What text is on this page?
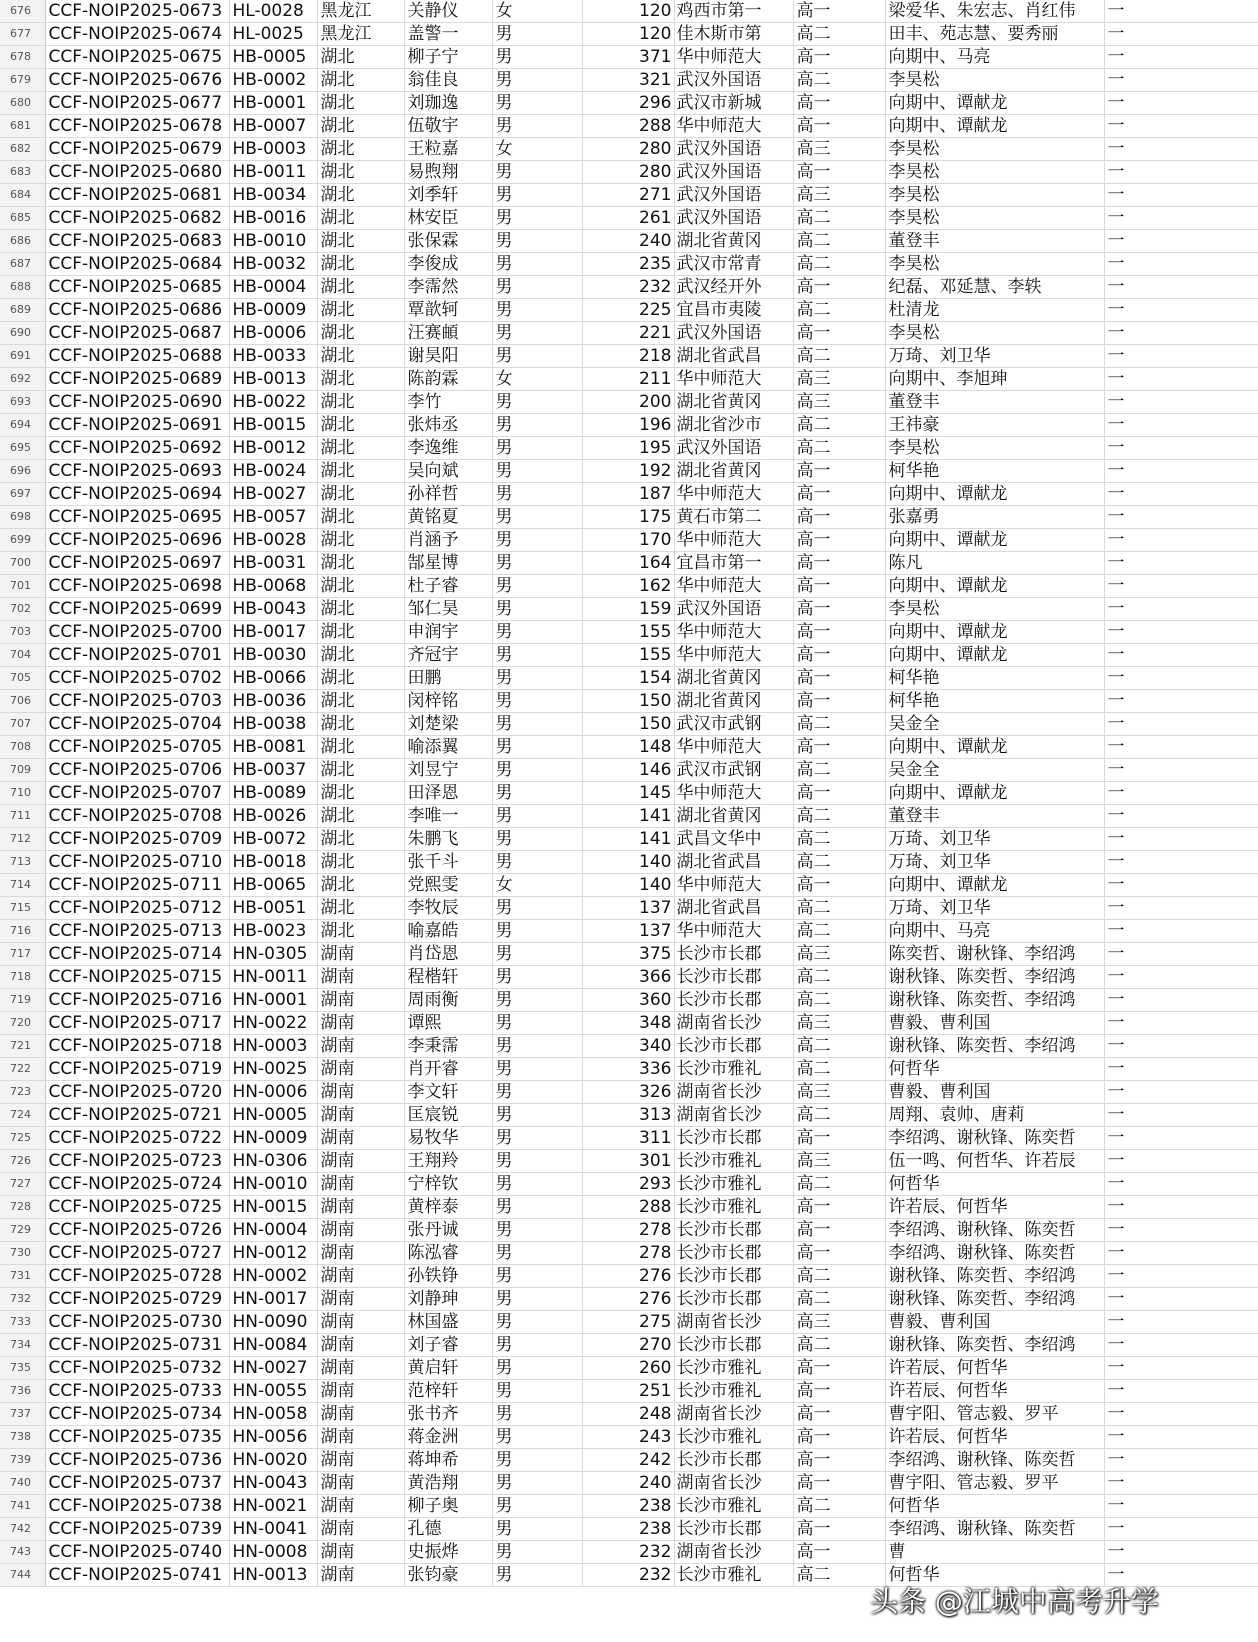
676	CCF-NOIP2025-0673	HL-0028	黑龙江	关静仪	女	120	鸡西市第一	高一	梁爱华、朱宏志、肖红伟	一
677	CCF-NOIP2025-0674	HL-0025	黑龙江	盖警一	男	120	佳木斯市第	高二	田丰、苑志慧、要秀丽	一
678	CCF-NOIP2025-0675	HB-0005	湖北	柳子宁	男	371	华中师范大	高一	向期中、马亮	一
679	CCF-NOIP2025-0676	HB-0002	湖北	翁佳良	男	321	武汉外国语	高二	李昊松	一
680	CCF-NOIP2025-0677	HB-0001	湖北	刘珈逸	男	296	武汉市新城	高一	向期中、谭献龙	一
681	CCF-NOIP2025-0678	HB-0007	湖北	伍敬宇	男	288	华中师范大	高一	向期中、谭献龙	一
682	CCF-NOIP2025-0679	HB-0003	湖北	王粒嘉	女	280	武汉外国语	高三	李昊松	一
683	CCF-NOIP2025-0680	HB-0011	湖北	易煦翔	男	280	武汉外国语	高一	李昊松	一
684	CCF-NOIP2025-0681	HB-0034	湖北	刘季轩	男	271	武汉外国语	高三	李昊松	一
685	CCF-NOIP2025-0682	HB-0016	湖北	林安臣	男	261	武汉外国语	高二	李昊松	一
686	CCF-NOIP2025-0683	HB-0010	湖北	张保霖	男	240	湖北省黄冈	高二	董登丰	一
687	CCF-NOIP2025-0684	HB-0032	湖北	李俊成	男	235	武汉市常青	高二	李昊松	一
688	CCF-NOIP2025-0685	HB-0004	湖北	李霈然	男	232	武汉经开外	高一	纪磊、邓延慧、李轶	一
689	CCF-NOIP2025-0686	HB-0009	湖北	覃歆轲	男	225	宜昌市夷陵	高二	杜清龙	一
690	CCF-NOIP2025-0687	HB-0006	湖北	汪赛頔	男	221	武汉外国语	高一	李昊松	一
691	CCF-NOIP2025-0688	HB-0033	湖北	谢昊阳	男	218	湖北省武昌	高二	万琦、刘卫华	一
692	CCF-NOIP2025-0689	HB-0013	湖北	陈韵霖	女	211	华中师范大	高三	向期中、李旭珅	一
693	CCF-NOIP2025-0690	HB-0022	湖北	李竹	男	200	湖北省黄冈	高三	董登丰	一
694	CCF-NOIP2025-0691	HB-0015	湖北	张炜丞	男	196	湖北省沙市	高二	王祎豪	一
695	CCF-NOIP2025-0692	HB-0012	湖北	李逸维	男	195	武汉外国语	高二	李昊松	一
696	CCF-NOIP2025-0693	HB-0024	湖北	吴向斌	男	192	湖北省黄冈	高一	柯华艳	一
697	CCF-NOIP2025-0694	HB-0027	湖北	孙祥哲	男	187	华中师范大	高一	向期中、谭献龙	一
698	CCF-NOIP2025-0695	HB-0057	湖北	黄铭夏	男	175	黄石市第二	高一	张嘉勇	一
699	CCF-NOIP2025-0696	HB-0028	湖北	肖涵予	男	170	华中师范大	高一	向期中、谭献龙	一
700	CCF-NOIP2025-0697	HB-0031	湖北	郜星博	男	164	宜昌市第一	高一	陈凡	一
701	CCF-NOIP2025-0698	HB-0068	湖北	杜子睿	男	162	华中师范大	高一	向期中、谭献龙	一
702	CCF-NOIP2025-0699	HB-0043	湖北	邹仁昊	男	159	武汉外国语	高一	李昊松	一
703	CCF-NOIP2025-0700	HB-0017	湖北	申润宇	男	155	华中师范大	高一	向期中、谭献龙	一
704	CCF-NOIP2025-0701	HB-0030	湖北	齐冠宇	男	155	华中师范大	高一	向期中、谭献龙	一
705	CCF-NOIP2025-0702	HB-0066	湖北	田鹏	男	154	湖北省黄冈	高一	柯华艳	一
706	CCF-NOIP2025-0703	HB-0036	湖北	闵梓铭	男	150	湖北省黄冈	高一	柯华艳	一
707	CCF-NOIP2025-0704	HB-0038	湖北	刘楚梁	男	150	武汉市武钢	高二	吴金全	一
708	CCF-NOIP2025-0705	HB-0081	湖北	喻添翼	男	148	华中师范大	高一	向期中、谭献龙	一
709	CCF-NOIP2025-0706	HB-0037	湖北	刘昱宁	男	146	武汉市武钢	高二	吴金全	一
710	CCF-NOIP2025-0707	HB-0089	湖北	田泽恩	男	145	华中师范大	高一	向期中、谭献龙	一
711	CCF-NOIP2025-0708	HB-0026	湖北	李唯一	男	141	湖北省黄冈	高二	董登丰	一
712	CCF-NOIP2025-0709	HB-0072	湖北	朱鹏飞	男	141	武昌文华中	高二	万琦、刘卫华	一
713	CCF-NOIP2025-0710	HB-0018	湖北	张千斗	男	140	湖北省武昌	高二	万琦、刘卫华	一
714	CCF-NOIP2025-0711	HB-0065	湖北	党熙雯	女	140	华中师范大	高一	向期中、谭献龙	一
715	CCF-NOIP2025-0712	HB-0051	湖北	李牧辰	男	137	湖北省武昌	高二	万琦、刘卫华	一
716	CCF-NOIP2025-0713	HB-0023	湖北	喻嘉皓	男	137	华中师范大	高二	向期中、马亮	一
717	CCF-NOIP2025-0714	HN-0305	湖南	肖岱恩	男	375	长沙市长郡	高三	陈奕哲、谢秋锋、李绍鸿	一
718	CCF-NOIP2025-0715	HN-0011	湖南	程楷轩	男	366	长沙市长郡	高二	谢秋锋、陈奕哲、李绍鸿	一
719	CCF-NOIP2025-0716	HN-0001	湖南	周雨衡	男	360	长沙市长郡	高二	谢秋锋、陈奕哲、李绍鸿	一
720	CCF-NOIP2025-0717	HN-0022	湖南	谭熙	男	348	湖南省长沙	高三	曹毅、曹利国	一
721	CCF-NOIP2025-0718	HN-0003	湖南	李秉霈	男	340	长沙市长郡	高二	谢秋锋、陈奕哲、李绍鸿	一
722	CCF-NOIP2025-0719	HN-0025	湖南	肖开睿	男	336	长沙市雅礼	高二	何哲华	一
723	CCF-NOIP2025-0720	HN-0006	湖南	李文轩	男	326	湖南省长沙	高三	曹毅、曹利国	一
724	CCF-NOIP2025-0721	HN-0005	湖南	匡宸锐	男	313	湖南省长沙	高二	周翔、袁帅、唐莉	一
725	CCF-NOIP2025-0722	HN-0009	湖南	易牧华	男	311	长沙市长郡	高一	李绍鸿、谢秋锋、陈奕哲	一
726	CCF-NOIP2025-0723	HN-0306	湖南	王翔羚	男	301	长沙市雅礼	高三	伍一鸣、何哲华、许若辰	一
727	CCF-NOIP2025-0724	HN-0010	湖南	宁梓钦	男	293	长沙市雅礼	高二	何哲华	一
728	CCF-NOIP2025-0725	HN-0015	湖南	黄梓泰	男	288	长沙市雅礼	高一	许若辰、何哲华	一
729	CCF-NOIP2025-0726	HN-0004	湖南	张丹诚	男	278	长沙市长郡	高一	李绍鸿、谢秋锋、陈奕哲	一
730	CCF-NOIP2025-0727	HN-0012	湖南	陈泓睿	男	278	长沙市长郡	高一	李绍鸿、谢秋锋、陈奕哲	一
731	CCF-NOIP2025-0728	HN-0002	湖南	孙铁铮	男	276	长沙市长郡	高二	谢秋锋、陈奕哲、李绍鸿	一
732	CCF-NOIP2025-0729	HN-0017	湖南	刘静珅	男	276	长沙市长郡	高二	谢秋锋、陈奕哲、李绍鸿	一
733	CCF-NOIP2025-0730	HN-0090	湖南	林国盛	男	275	湖南省长沙	高三	曹毅、曹利国	一
734	CCF-NOIP2025-0731	HN-0084	湖南	刘子睿	男	270	长沙市长郡	高二	谢秋锋、陈奕哲、李绍鸿	一
735	CCF-NOIP2025-0732	HN-0027	湖南	黄启轩	男	260	长沙市雅礼	高一	许若辰、何哲华	一
736	CCF-NOIP2025-0733	HN-0055	湖南	范梓轩	男	251	长沙市雅礼	高一	许若辰、何哲华	一
737	CCF-NOIP2025-0734	HN-0058	湖南	张书齐	男	248	湖南省长沙	高一	曹宇阳、管志毅、罗平	一
738	CCF-NOIP2025-0735	HN-0056	湖南	蒋金洲	男	243	长沙市雅礼	高一	许若辰、何哲华	一
739	CCF-NOIP2025-0736	HN-0020	湖南	蒋坤希	男	242	长沙市长郡	高一	李绍鸿、谢秋锋、陈奕哲	一
740	CCF-NOIP2025-0737	HN-0043	湖南	黄浩翔	男	240	湖南省长沙	高一	曹宇阳、管志毅、罗平	一
741	CCF-NOIP2025-0738	HN-0021	湖南	柳子奥	男	238	长沙市雅礼	高二	何哲华	一
742	CCF-NOIP2025-0739	HN-0041	湖南	孔德	男	238	长沙市长郡	高一	李绍鸿、谢秋锋、陈奕哲	一
743	CCF-NOIP2025-0740	HN-0008	湖南	史振烨	男	232	湖南省长沙	高一	曹	一
744	CCF-NOIP2025-0741	HN-0013	湖南	张钧豪	男	232	长沙市雅礼	高二	何哲华	一
头条 @江城中高考升学
